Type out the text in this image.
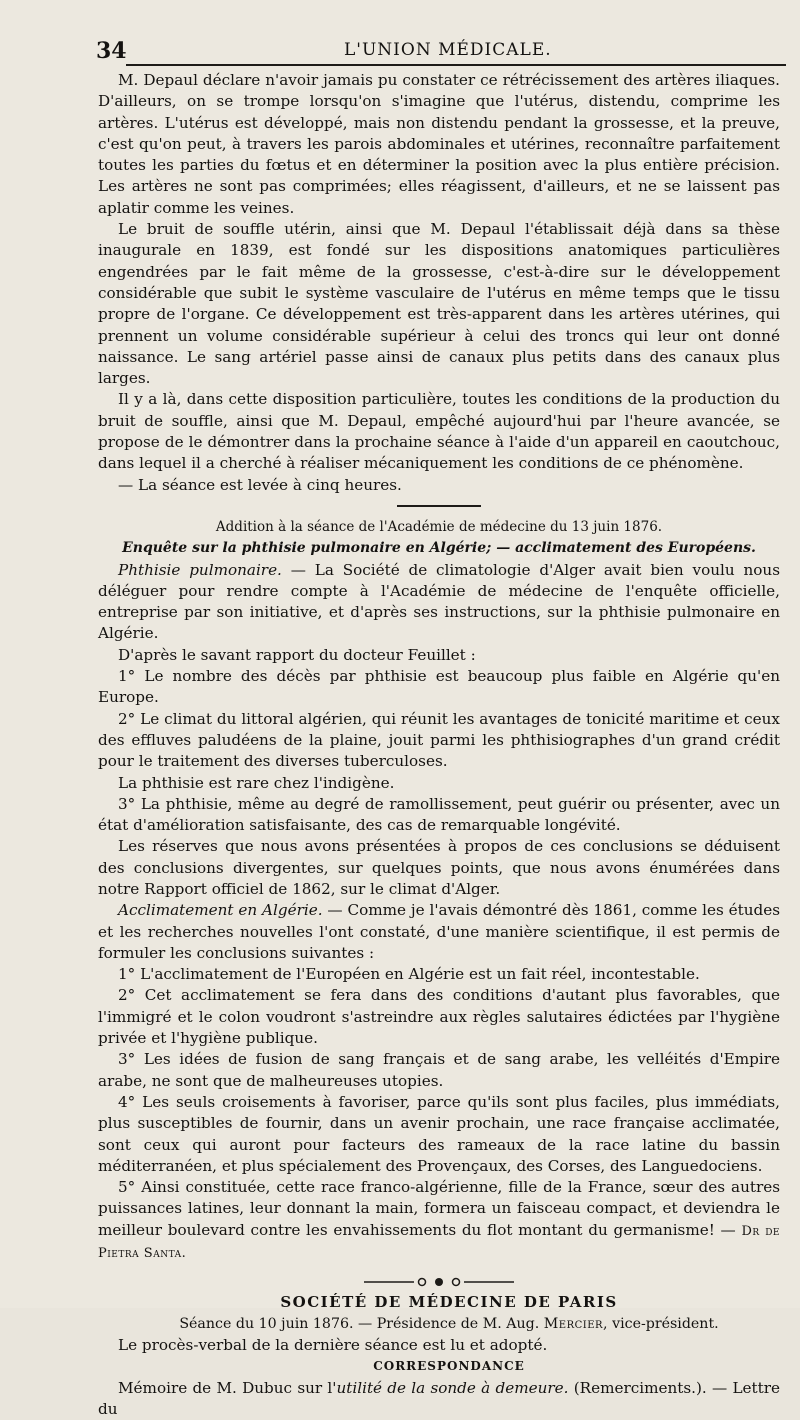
34	L'UNION MÉDICALE.

M. Depaul déclare n'avoir jamais pu constater ce rétrécissement des artères iliaques. D'ailleurs, on se trompe lorsqu'on s'imagine que l'utérus, distendu, comprime les artères. L'utérus est développé, mais non distendu pendant la grossesse, et la preuve, c'est qu'on peut, à travers les parois abdominales et utérines, reconnaître parfaitement toutes les parties du fœtus et en déterminer la position avec la plus entière précision. Les artères ne sont pas comprimées; elles réagissent, d'ailleurs, et ne se laissent pas aplatir comme les veines.

Le bruit de souffle utérin, ainsi que M. Depaul l'établissait déjà dans sa thèse inaugurale en 1839, est fondé sur les dispositions anatomiques particulières engendrées par le fait même de la grossesse, c'est-à-dire sur le développement considérable que subit le système vasculaire de l'utérus en même temps que le tissu propre de l'organe. Ce développement est très-apparent dans les artères utérines, qui prennent un volume considérable supérieur à celui des troncs qui leur ont donné naissance. Le sang artériel passe ainsi de canaux plus petits dans des canaux plus larges.

Il y a là, dans cette disposition particulière, toutes les conditions de la production du bruit de souffle, ainsi que M. Depaul, empêché aujourd'hui par l'heure avancée, se propose de le démontrer dans la prochaine séance à l'aide d'un appareil en caoutchouc, dans lequel il a cherché à réaliser mécaniquement les conditions de ce phénomène.

— La séance est levée à cinq heures.

Addition à la séance de l'Académie de médecine du 13 juin 1876.

Enquête sur la phthisie pulmonaire en Algérie; — acclimatement des Européens.

Phthisie pulmonaire. — La Société de climatologie d'Alger avait bien voulu nous déléguer pour rendre compte à l'Académie de médecine de l'enquête officielle, entreprise par son initiative, et d'après ses instructions, sur la phthisie pulmonaire en Algérie.

D'après le savant rapport du docteur Feuillet :

1° Le nombre des décès par phthisie est beaucoup plus faible en Algérie qu'en Europe.

2° Le climat du littoral algérien, qui réunit les avantages de tonicité maritime et ceux des effluves paludéens de la plaine, jouit parmi les phthisiographes d'un grand crédit pour le traitement des diverses tuberculoses.

La phthisie est rare chez l'indigène.

3° La phthisie, même au degré de ramollissement, peut guérir ou présenter, avec un état d'amélioration satisfaisante, des cas de remarquable longévité.

Les réserves que nous avons présentées à propos de ces conclusions se déduisent des conclusions divergentes, sur quelques points, que nous avons énumérées dans notre Rapport officiel de 1862, sur le climat d'Alger.

Acclimatement en Algérie. — Comme je l'avais démontré dès 1861, comme les études et les recherches nouvelles l'ont constaté, d'une manière scientifique, il est permis de formuler les conclusions suivantes :

1° L'acclimatement de l'Européen en Algérie est un fait réel, incontestable.

2° Cet acclimatement se fera dans des conditions d'autant plus favorables, que l'immigré et le colon voudront s'astreindre aux règles salutaires édictées par l'hygiène privée et l'hygiène publique.

3° Les idées de fusion de sang français et de sang arabe, les velléités d'Empire arabe, ne sont que de malheureuses utopies.

4° Les seuls croisements à favoriser, parce qu'ils sont plus faciles, plus immédiats, plus susceptibles de fournir, dans un avenir prochain, une race française acclimatée, sont ceux qui auront pour facteurs des rameaux de la race latine du bassin méditerranéen, et plus spécialement des Provençaux, des Corses, des Languedociens.

5° Ainsi constituée, cette race franco-algérienne, fille de la France, sœur des autres puissances latines, leur donnant la main, formera un faisceau compact, et deviendra le meilleur boulevard contre les envahissements du flot montant du germanisme! — Dr de Pietra Santa.

SOCIÉTÉ DE MÉDECINE DE PARIS

Séance du 10 juin 1876. — Présidence de M. Aug. Mercier, vice-président.

Le procès-verbal de la dernière séance est lu et adopté.

CORRESPONDANCE

Mémoire de M. Dubuc sur l'utilité de la sonde à demeure. (Remerciments.). — Lettre du
